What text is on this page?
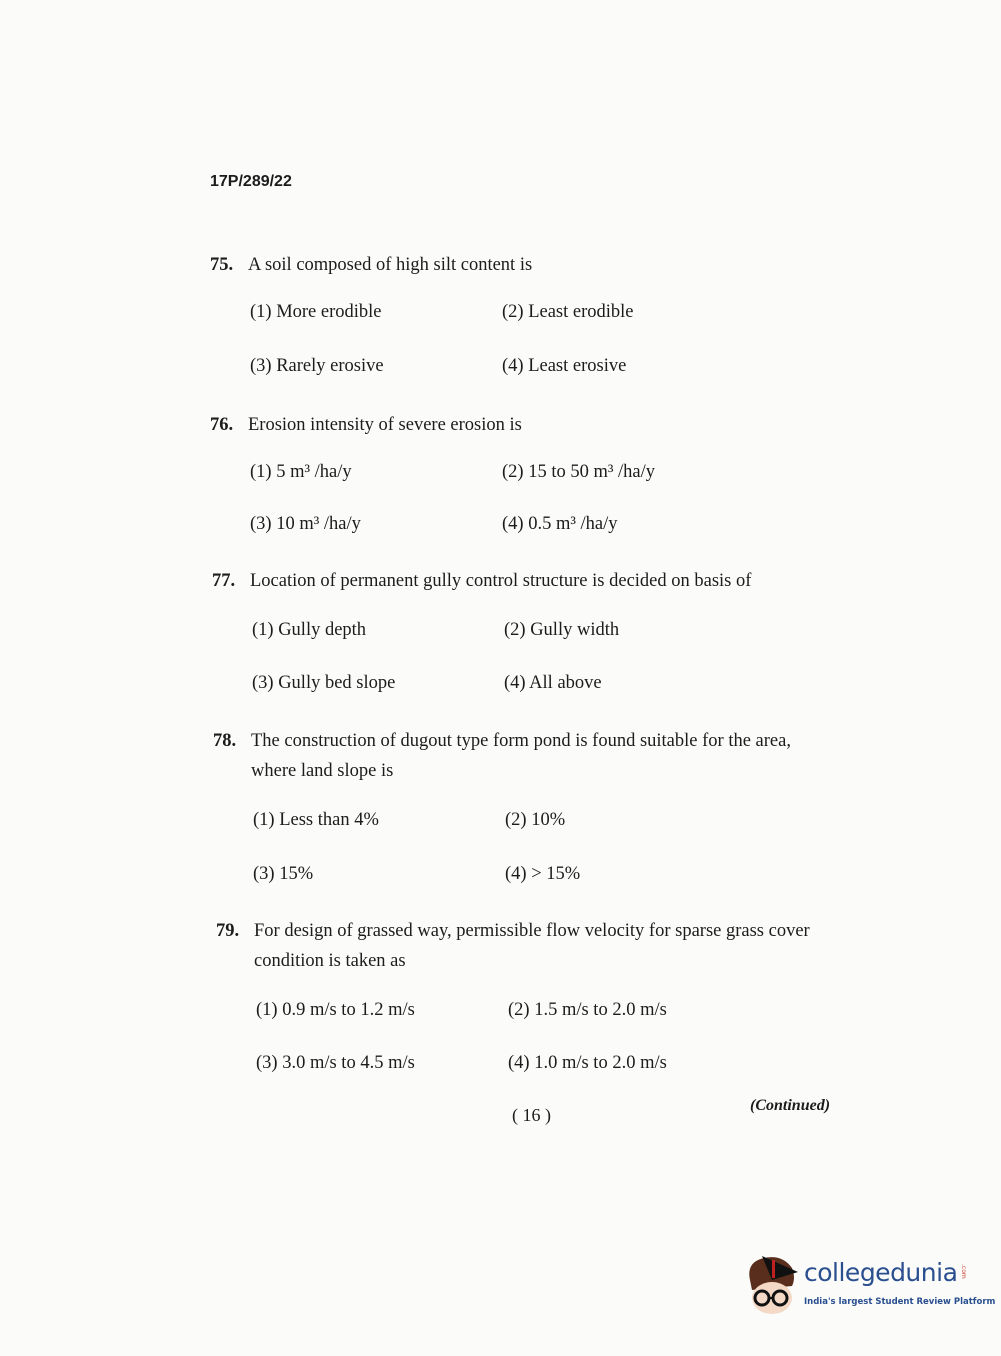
17P/289/22
75. A soil composed of high silt content is
(1) More erodible	(2) Least erodible
(3) Rarely erosive	(4) Least erosive
76. Erosion intensity of severe erosion is
(1) 5 m³ /ha/y	(2) 15 to 50 m³ /ha/y
(3) 10 m³ /ha/y	(4) 0.5 m³ /ha/y
77. Location of permanent gully control structure is decided on basis of
(1) Gully depth	(2) Gully width
(3) Gully bed slope	(4) All above
78. The construction of dugout type form pond is found suitable for the area, where land slope is
(1) Less than 4%	(2) 10%
(3) 15%	(4) > 15%
79. For design of grassed way, permissible flow velocity for sparse grass cover condition is taken as
(1) 0.9 m/s to 1.2 m/s	(2) 1.5 m/s to 2.0 m/s
(3) 3.0 m/s to 4.5 m/s	(4) 1.0 m/s to 2.0 m/s
( 16 )	(Continued)
collegedunia .com
India's largest Student Review Platform
